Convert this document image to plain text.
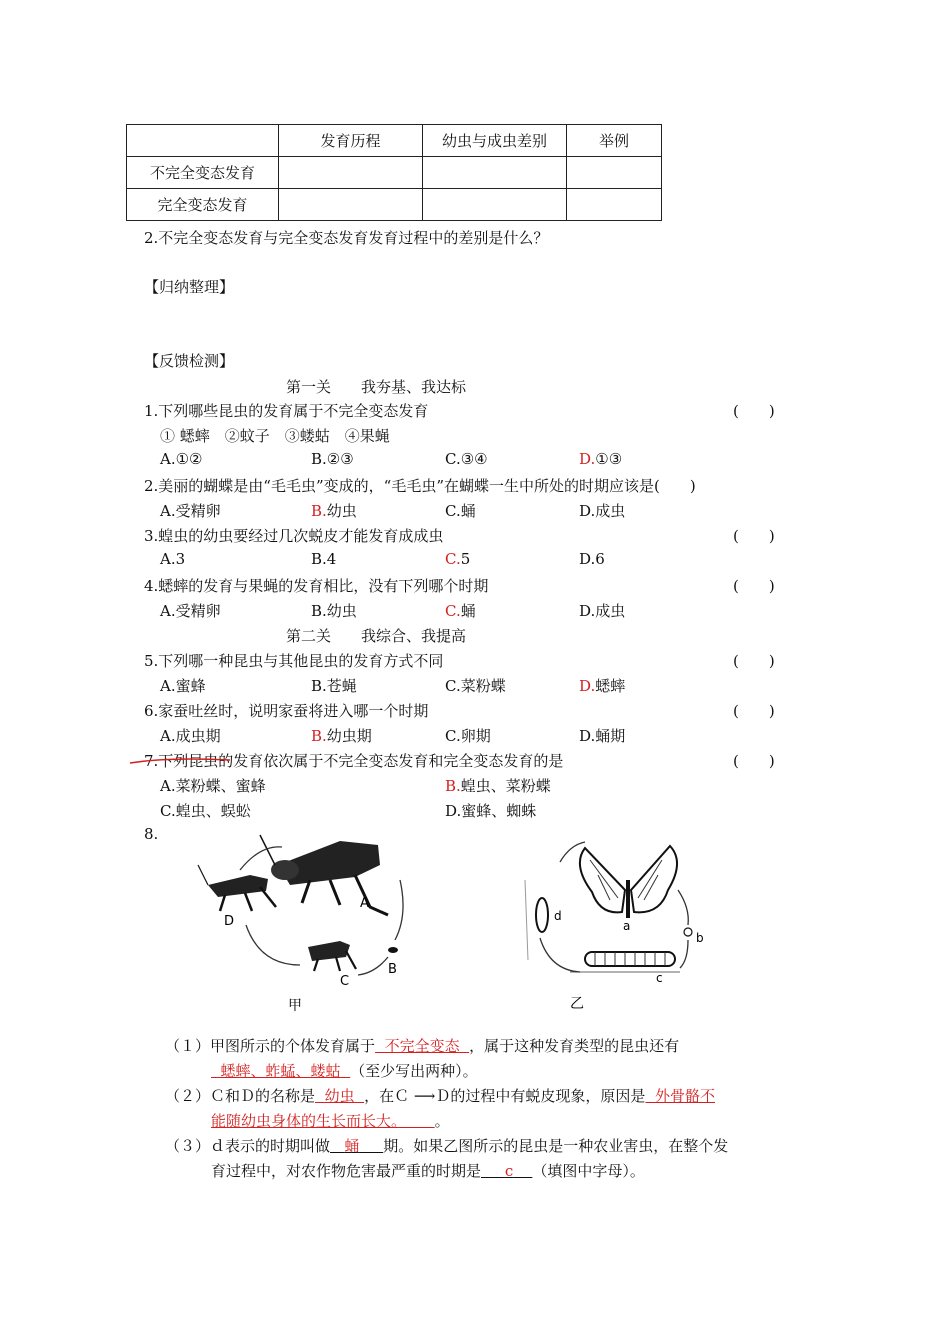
	发育历程	幼虫与成虫差别	举例
不完全变态发育			
完全变态发育			
2.不完全变态发育与完全变态发育发育过程中的差别是什么？
【归纳整理】
【反馈检测】
第一关　　我夯基、我达标
1.下列哪些昆虫的发育属于不完全变态发育	(　　)
① 蟋蟀　②蚊子　③蝼蛄　④果蝇
A.①②	B.②③	C.③④	D.①③
2.美丽的蝴蝶是由“毛毛虫”变成的，“毛毛虫”在蝴蝶一生中所处的时期应该是(　　)
A.受精卵	B.幼虫	C.蛹	D.成虫
3.蝗虫的幼虫要经过几次蜕皮才能发育成成虫	(　　)
A.3	B.4	C.5	D.6
4.蟋蟀的发育与果蝇的发育相比，没有下列哪个时期	(　　)
A.受精卵	B.幼虫	C.蛹	D.成虫
第二关　　我综合、我提高
5.下列哪一种昆虫与其他昆虫的发育方式不同	(　　)
A.蜜蜂	B.苍蝇	C.菜粉蝶	D.蟋蟀
6.家蚕吐丝时，说明家蚕将进入哪一个时期	(　　)
A.成虫期	B.幼虫期	C.卵期	D.蛹期
7.下列昆虫的发育依次属于不完全变态发育和完全变态发育的是	(　　)
A.菜粉蝶、蜜蜂	B.蝗虫、菜粉蝶
C.蝗虫、蜈蚣	D.蜜蜂、蜘蛛
8.
A
B
C
D
甲
a
b
c
d
乙
（１）甲图所示的个体发育属于 不完全变态 ，属于这种发育类型的昆虫还有
蟋蟀、蚱蜢、蝼蛄 （至少写出两种）。
（２）Ｃ和Ｄ的名称是 幼虫 ，在Ｃ ⟶Ｄ的过程中有蜕皮现象，原因是 外骨骼不
能随幼虫身体的生长而长大。 。
（３）ｄ表示的时期叫做 蛹 期。如果乙图所示的昆虫是一种农业害虫，在整个发
育过程中，对农作物危害最严重的时期是 c （填图中字母）。
